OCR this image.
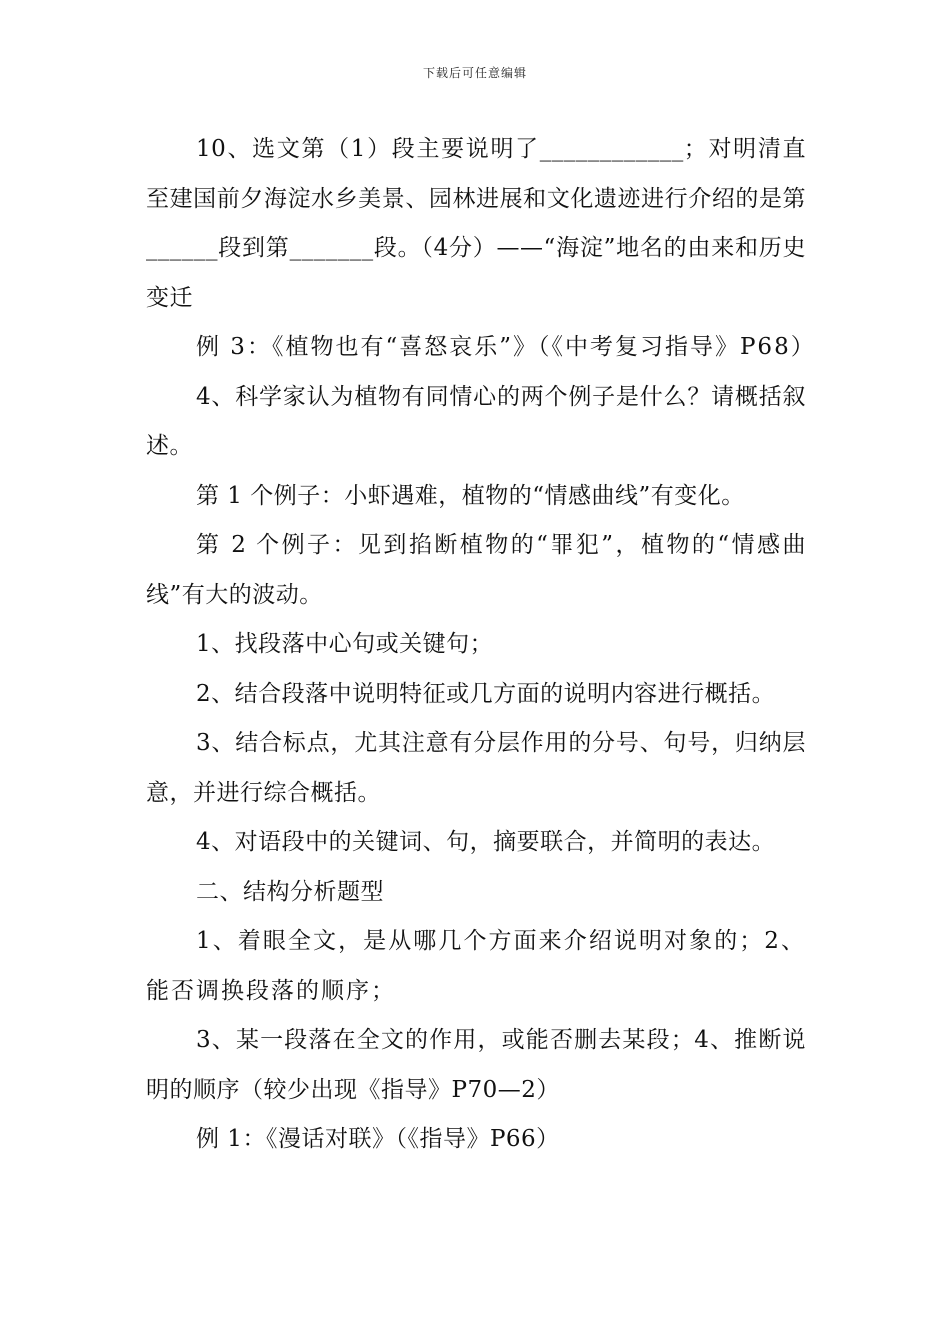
下载后可任意编辑

10、选文第（1）段主要说明了____________；对明清直至建国前夕海淀水乡美景、园林进展和文化遗迹进行介绍的是第______段到第_______段。（4分）——“海淀”地名的由来和历史变迁

例 3：《植物也有“喜怒哀乐”》（《中考复习指导》P68）

4、科学家认为植物有同情心的两个例子是什么？请概括叙述。

第 1 个例子：小虾遇难，植物的“情感曲线”有变化。

第 2 个例子：见到掐断植物的“罪犯”，植物的“情感曲线”有大的波动。

1、找段落中心句或关键句；

2、结合段落中说明特征或几方面的说明内容进行概括。

3、结合标点，尤其注意有分层作用的分号、句号，归纳层意，并进行综合概括。

4、对语段中的关键词、句，摘要联合，并简明的表达。

二、结构分析题型

1、着眼全文，是从哪几个方面来介绍说明对象的；2、能否调换段落的顺序；

3、某一段落在全文的作用，或能否删去某段；4、推断说明的顺序（较少出现《指导》P70—2）

例 1：《漫话对联》（《指导》P66）
